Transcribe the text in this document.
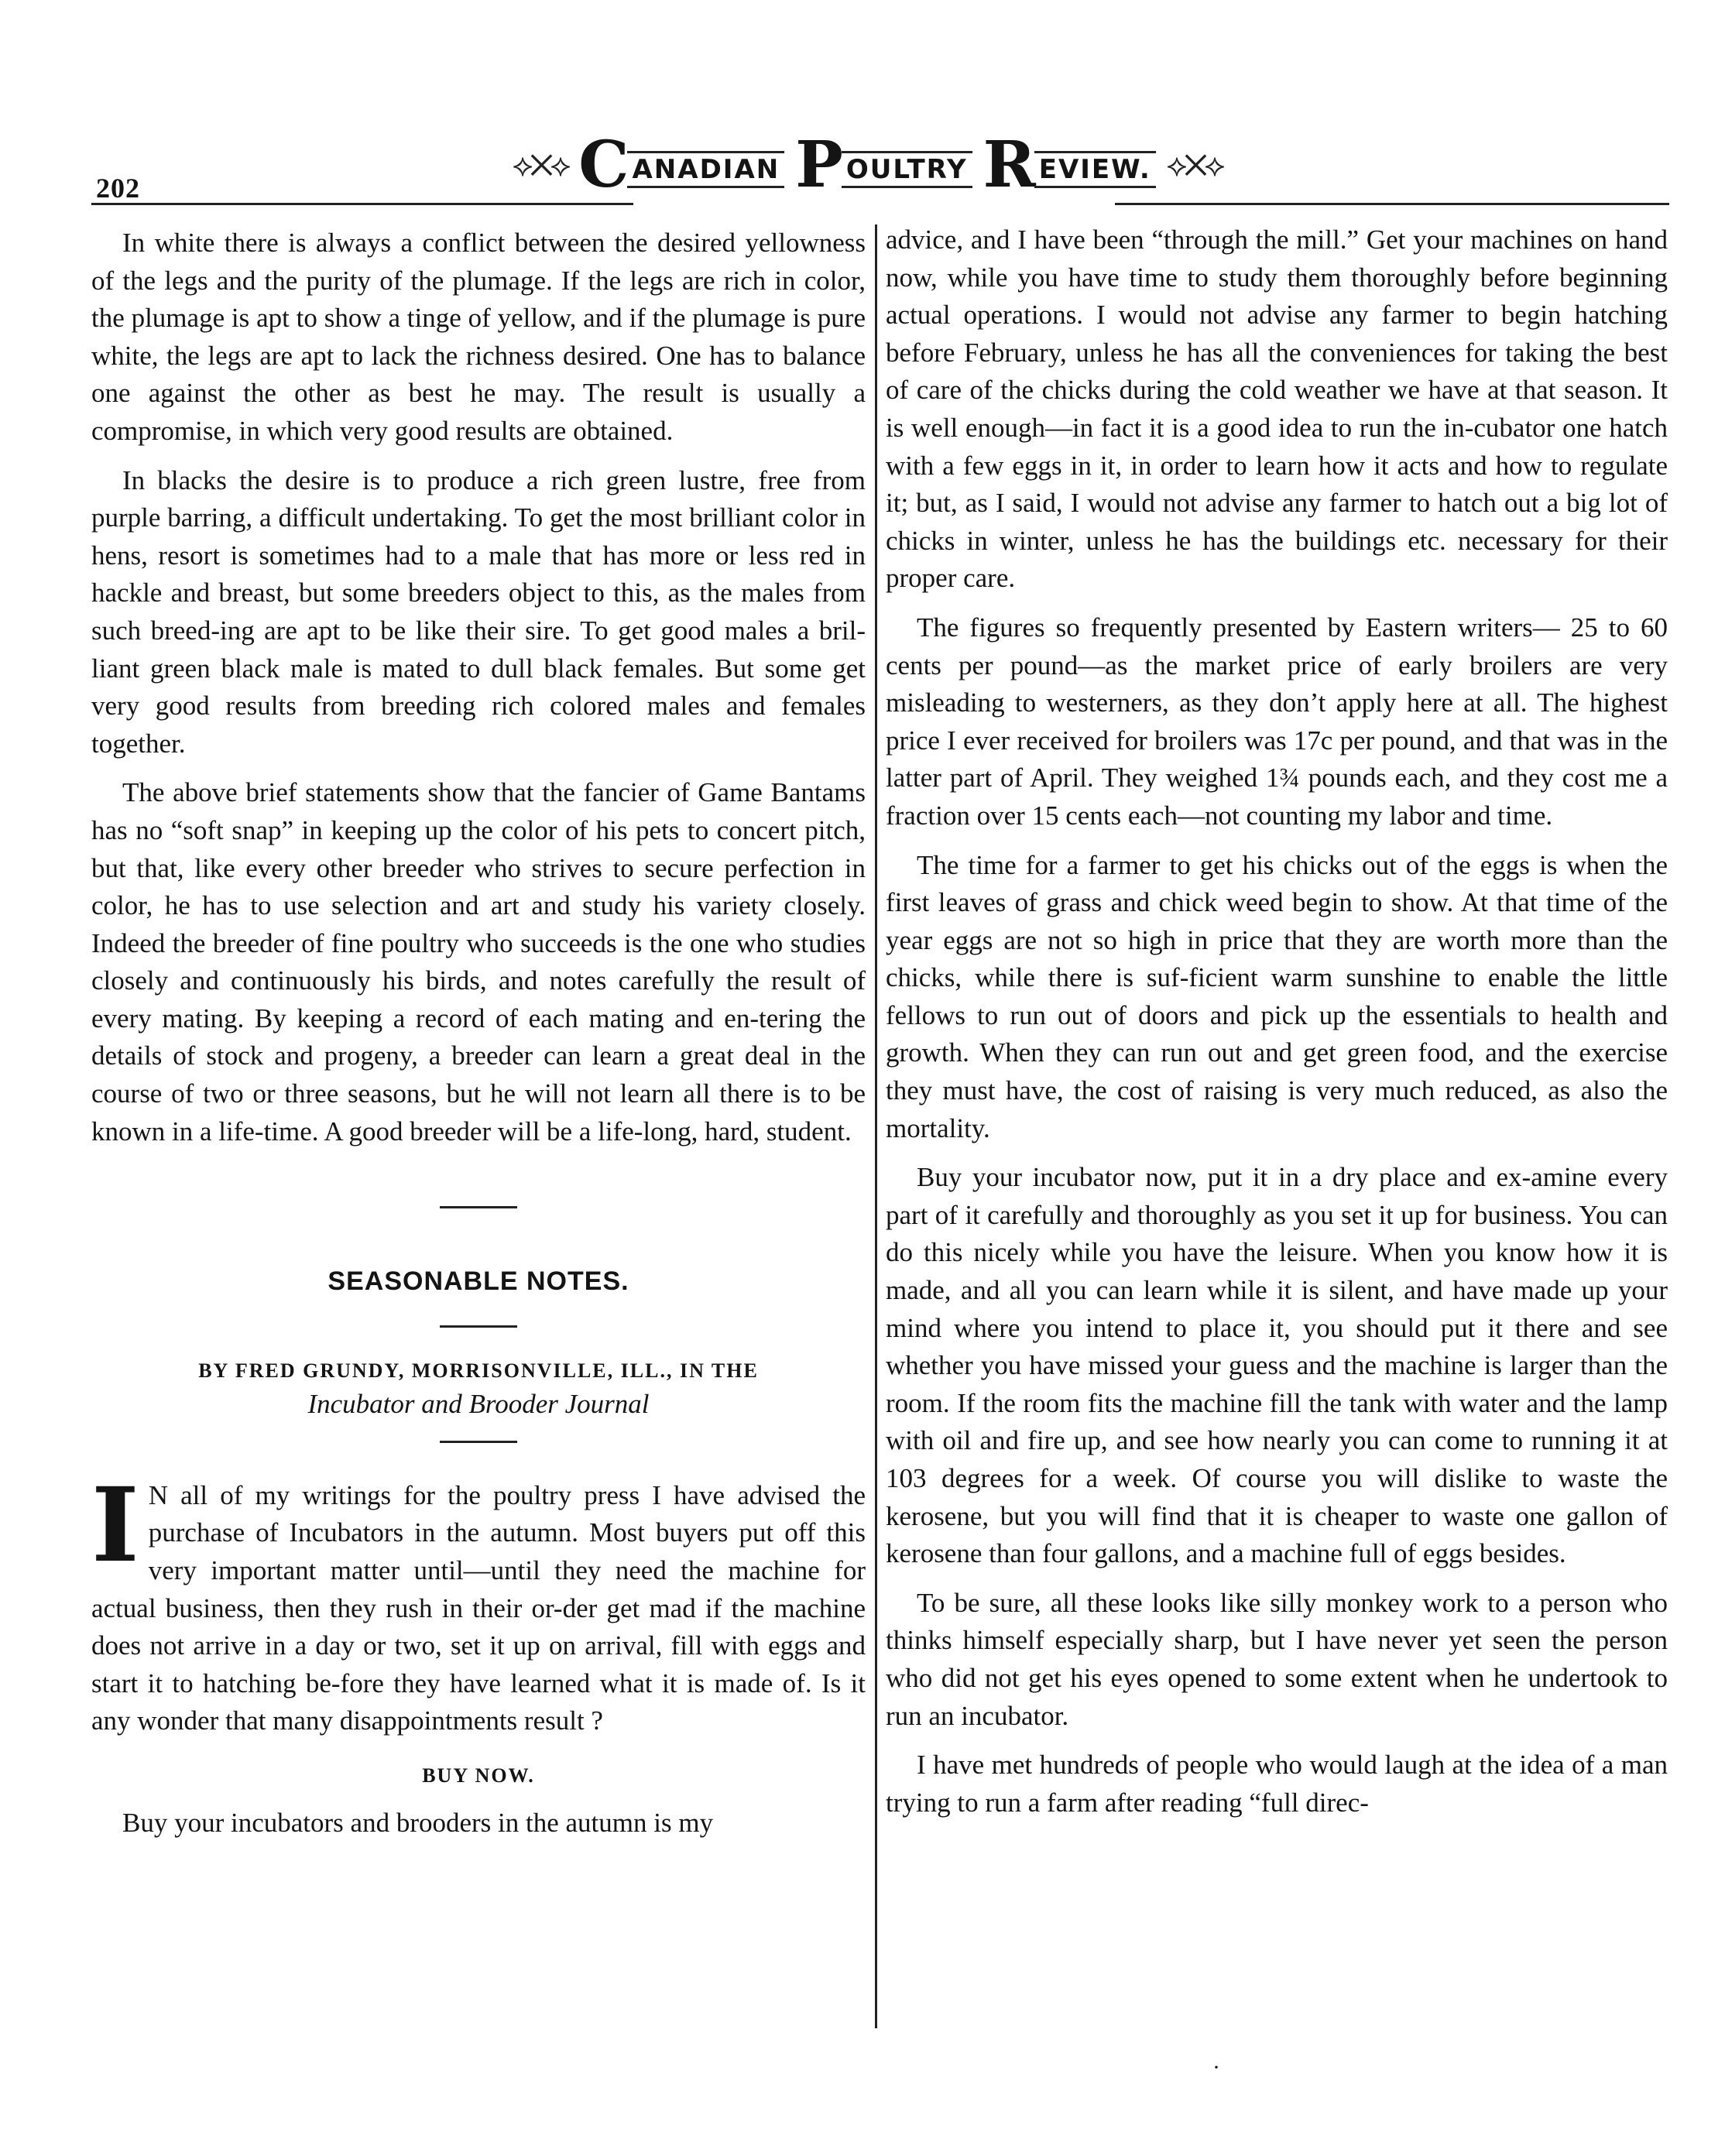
202
⟡✕⟡ C ANADIAN P OULTRY R EVIEW. ⟡✕⟡

In white there is always a conflict between the desired yellowness of the legs and the purity of the plumage. If the legs are rich in color, the plumage is apt to show a tinge of yellow, and if the plumage is pure white, the legs are apt to lack the richness desired. One has to balance one against the other as best he may. The result is usually a compromise, in which very good results are obtained.

In blacks the desire is to produce a rich green lustre, free from purple barring, a difficult undertaking. To get the most brilliant color in hens, resort is sometimes had to a male that has more or less red in hackle and breast, but some breeders object to this, as the males from such breed-ing are apt to be like their sire. To get good males a bril-liant green black male is mated to dull black females. But some get very good results from breeding rich colored males and females together.

The above brief statements show that the fancier of Game Bantams has no “soft snap” in keeping up the color of his pets to concert pitch, but that, like every other breeder who strives to secure perfection in color, he has to use selection and art and study his variety closely. Indeed the breeder of fine poultry who succeeds is the one who studies closely and continuously his birds, and notes carefully the result of every mating. By keeping a record of each mating and en-tering the details of stock and progeny, a breeder can learn a great deal in the course of two or three seasons, but he will not learn all there is to be known in a life-time. A good breeder will be a life-long, hard, student.

SEASONABLE NOTES.
BY FRED GRUNDY, MORRISONVILLE, ILL., IN THE
Incubator and Brooder Journal

I N all of my writings for the poultry press I have advised the purchase of Incubators in the autumn. Most buyers put off this very important matter until—until they need the machine for actual business, then they rush in their or-der get mad if the machine does not arrive in a day or two, set it up on arrival, fill with eggs and start it to hatching be-fore they have learned what it is made of. Is it any wonder that many disappointments result ?

BUY NOW.

Buy your incubators and brooders in the autumn is my

advice, and I have been “through the mill.” Get your machines on hand now, while you have time to study them thoroughly before beginning actual operations. I would not advise any farmer to begin hatching before February, unless he has all the conveniences for taking the best of care of the chicks during the cold weather we have at that season. It is well enough—in fact it is a good idea to run the in-cubator one hatch with a few eggs in it, in order to learn how it acts and how to regulate it; but, as I said, I would not advise any farmer to hatch out a big lot of chicks in winter, unless he has the buildings etc. necessary for their proper care.

The figures so frequently presented by Eastern writers— 25 to 60 cents per pound—as the market price of early broilers are very misleading to westerners, as they don’t apply here at all. The highest price I ever received for broilers was 17c per pound, and that was in the latter part of April. They weighed 1¾ pounds each, and they cost me a fraction over 15 cents each—not counting my labor and time.

The time for a farmer to get his chicks out of the eggs is when the first leaves of grass and chick weed begin to show. At that time of the year eggs are not so high in price that they are worth more than the chicks, while there is suf-ficient warm sunshine to enable the little fellows to run out of doors and pick up the essentials to health and growth. When they can run out and get green food, and the exercise they must have, the cost of raising is very much reduced, as also the mortality.

Buy your incubator now, put it in a dry place and ex-amine every part of it carefully and thoroughly as you set it up for business. You can do this nicely while you have the leisure. When you know how it is made, and all you can learn while it is silent, and have made up your mind where you intend to place it, you should put it there and see whether you have missed your guess and the machine is larger than the room. If the room fits the machine fill the tank with water and the lamp with oil and fire up, and see how nearly you can come to running it at 103 degrees for a week. Of course you will dislike to waste the kerosene, but you will find that it is cheaper to waste one gallon of kerosene than four gallons, and a machine full of eggs besides.

To be sure, all these looks like silly monkey work to a person who thinks himself especially sharp, but I have never yet seen the person who did not get his eyes opened to some extent when he undertook to run an incubator.

I have met hundreds of people who would laugh at the idea of a man trying to run a farm after reading “full direc-

·
